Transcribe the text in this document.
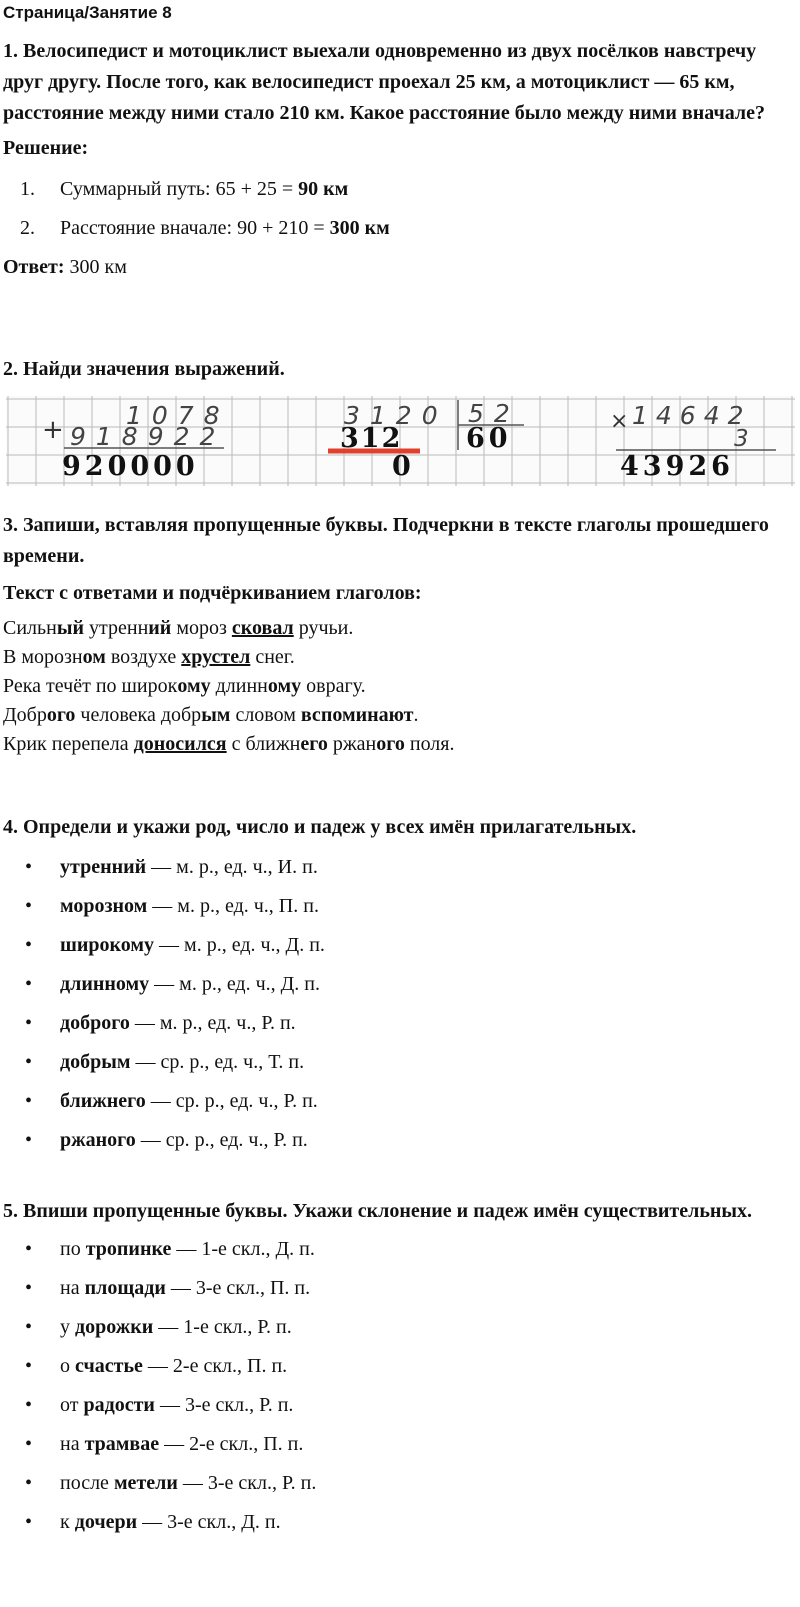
Страница/Занятие 8

1. Велосипедист и мотоциклист выехали одновременно из двух посёлков навстречу друг другу. После того, как велосипедист проехал 25 км, а мотоциклист — 65 км, расстояние между ними стало 210 км. Какое расстояние было между ними вначале?

Решение:

1. Суммарный путь: 65 + 25 = 90 км
2. Расстояние вначале: 90 + 210 = 300 км

Ответ: 300 км

2. Найди значения выражений.

+ 1078
918922
920000
3120 52
312 60
0
× 14642
3
43926

3. Запиши, вставляя пропущенные буквы. Подчеркни в тексте глаголы прошедшего времени.

Текст с ответами и подчёркиванием глаголов:

Сильный утренний мороз сковал ручьи.

В морозном воздухе хрустел снег.

Река течёт по широкому длинному оврагу.

Доброго человека добрым словом вспоминают.

Крик перепела доносился с ближнего ржаного поля.

4. Определи и укажи род, число и падеж у всех имён прилагательных.

• утренний — м. р., ед. ч., И. п.
• морозном — м. р., ед. ч., П. п.
• широкому — м. р., ед. ч., Д. п.
• длинному — м. р., ед. ч., Д. п.
• доброго — м. р., ед. ч., Р. п.
• добрым — ср. р., ед. ч., Т. п.
• ближнего — ср. р., ед. ч., Р. п.
• ржаного — ср. р., ед. ч., Р. п.

5. Впиши пропущенные буквы. Укажи склонение и падеж имён существительных.

• по тропинке — 1-е скл., Д. п.
• на площади — 3-е скл., П. п.
• у дорожки — 1-е скл., Р. п.
• о счастье — 2-е скл., П. п.
• от радости — 3-е скл., Р. п.
• на трамвае — 2-е скл., П. п.
• после метели — 3-е скл., Р. п.
• к дочери — 3-е скл., Д. п.
